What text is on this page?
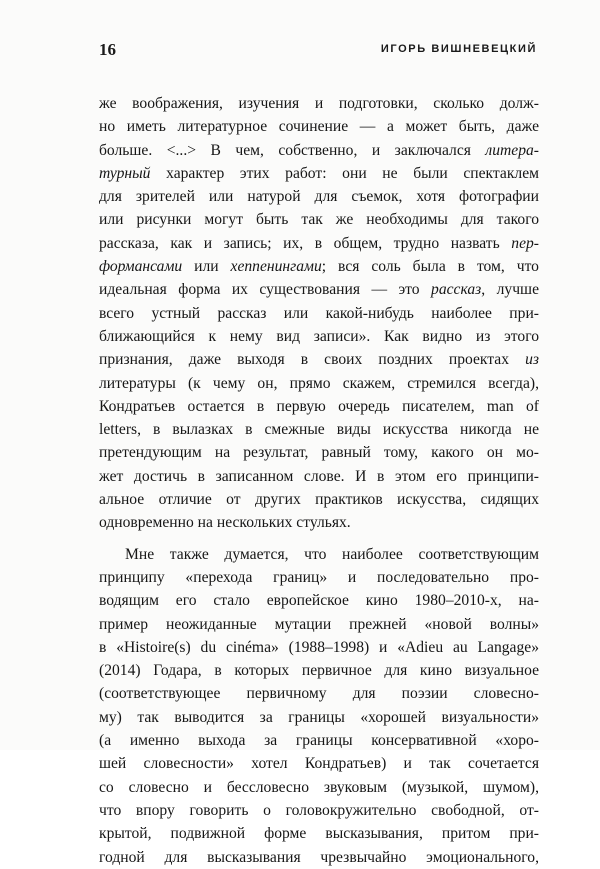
16	ИГОРЬ ВИШНЕВЕЦКИЙ
же воображения, изучения и подготовки, сколько долж-
но иметь литературное сочинение — а может быть, даже
больше. <...> В чем, собственно, и заключался литера-
турный характер этих работ: они не были спектаклем
для зрителей или натурой для съемок, хотя фотографии
или рисунки могут быть так же необходимы для такого
рассказа, как и запись; их, в общем, трудно назвать пер-
формансами или хеппенингами; вся соль была в том, что
идеальная форма их существования — это рассказ, лучше
всего устный рассказ или какой-нибудь наиболее при-
ближающийся к нему вид записи». Как видно из этого
признания, даже выходя в своих поздних проектах из
литературы (к чему он, прямо скажем, стремился всегда),
Кондратьев остается в первую очередь писателем, man of
letters, в вылазках в смежные виды искусства никогда не
претендующим на результат, равный тому, какого он мо-
жет достичь в записанном слове. И в этом его принципи-
альное отличие от других практиков искусства, сидящих
одновременно на нескольких стульях.
Мне также думается, что наиболее соответствующим
принципу «перехода границ» и последовательно про-
водящим его стало европейское кино 1980–2010-х, на-
пример неожиданные мутации прежней «новой волны»
в «Histoire(s) du cinéma» (1988–1998) и «Adieu au Langage»
(2014) Годара, в которых первичное для кино визуальное
(соответствующее первичному для поэзии словесно-
му) так выводится за границы «хорошей визуальности»
(а именно выхода за границы консервативной «хоро-
шей словесности» хотел Кондратьев) и так сочетается
со словесно и бессловесно звуковым (музыкой, шумом),
что впору говорить о головокружительно свободной, от-
крытой, подвижной форме высказывания, притом при-
годной для высказывания чрезвычайно эмоционального,
